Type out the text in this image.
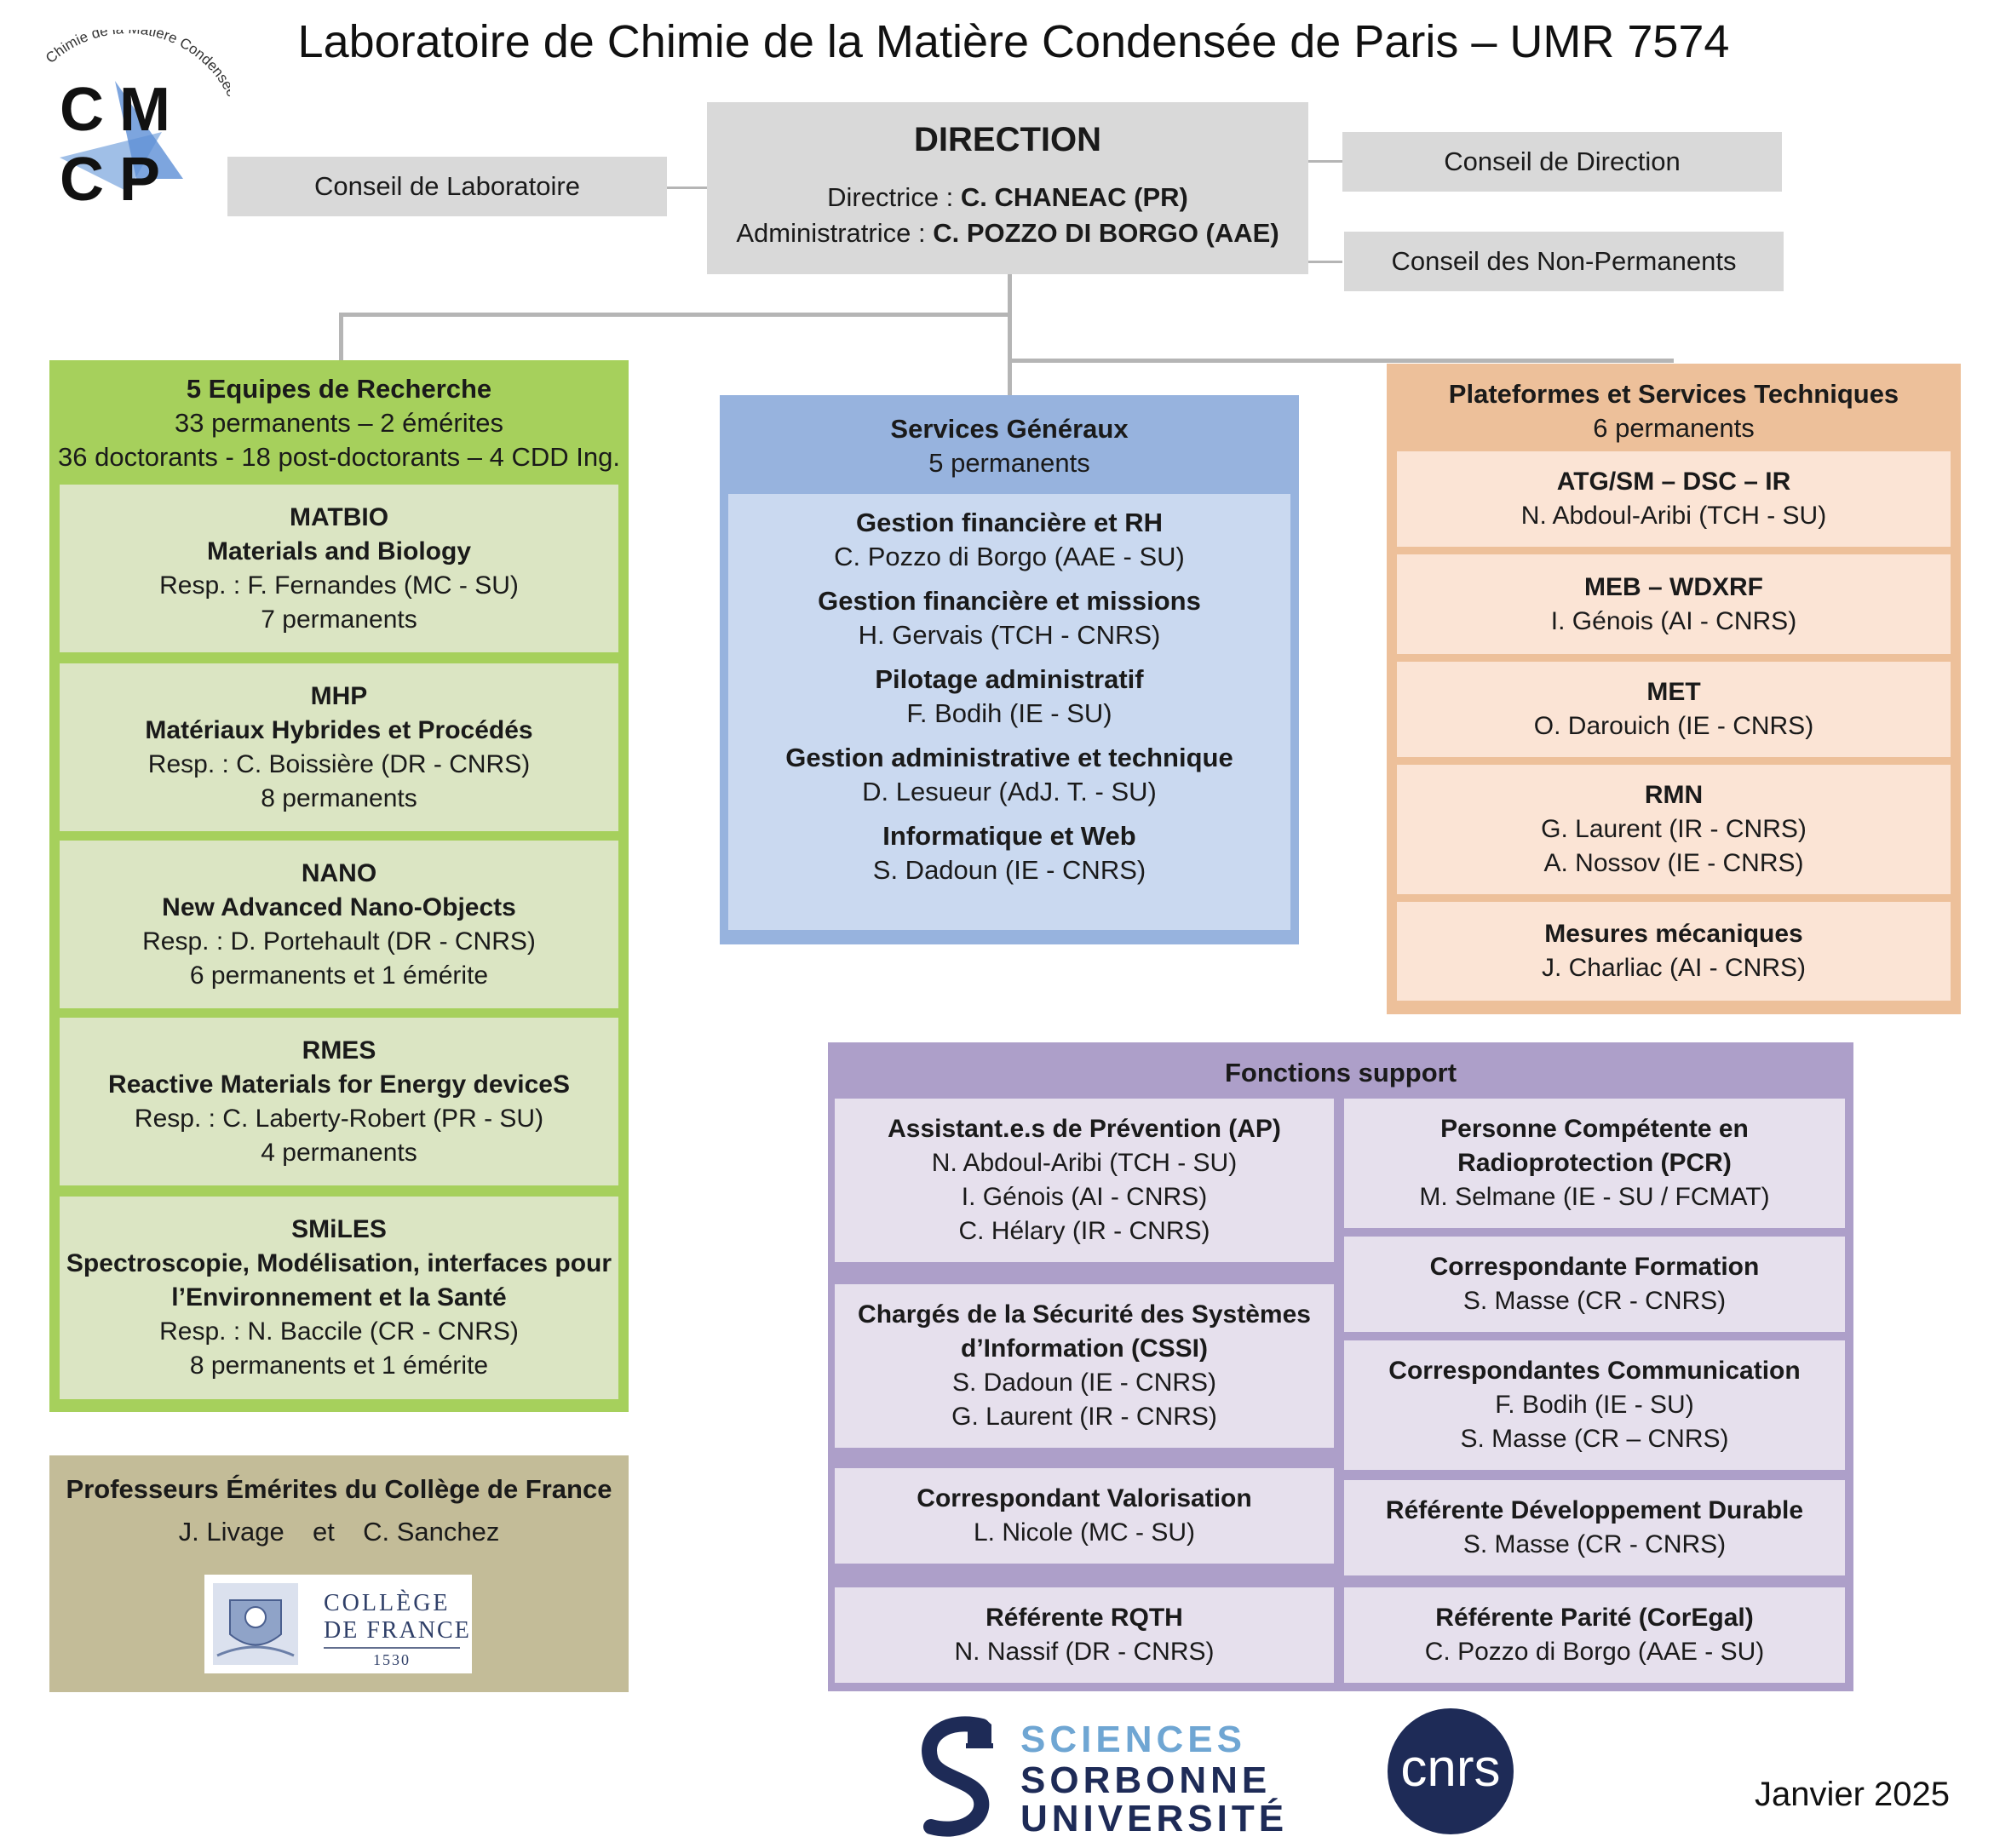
Laboratoire de Chimie de la Matière Condensée de Paris – UMR 7574
Chimie de atière Condens
C M
C P
DIRECTION
Directrice : C. CHANEAC (PR)
Administratrice : C. POZZO DI BORGO (AAE)
Conseil de Laboratoire
Conseil de Direction
Conseil des Non-Permanents
5 Equipes de Recherche
33 permanents – 2 émérites
36 doctorants - 18 post-doctorants – 4 CDD Ing.
MATBIO
Materials and Biology
Resp. : F. Fernandes (MC - SU)
7 permanents
MHP
Matériaux Hybrides et Procédés
Resp. : C. Boissière (DR - CNRS)
8 permanents
NANO
New Advanced Nano-Objects
Resp. : D. Portehault (DR - CNRS)
6 permanents et 1 émérite
RMES
Reactive Materials for Energy deviceS
Resp. : C. Laberty-Robert (PR - SU)
4 permanents
SMiLES
Spectroscopie, Modélisation, interfaces pour
l’Environnement et la Santé
Resp. : N. Baccile (CR - CNRS)
8 permanents et 1 émérite
Services Généraux
5 permanents
Gestion financière et RH
C. Pozzo di Borgo (AAE - SU)
Gestion financière et missions
H. Gervais (TCH - CNRS)
Pilotage administratif
F. Bodih (IE - SU)
Gestion administrative et technique
D. Lesueur (AdJ. T. - SU)
Informatique et Web
S. Dadoun (IE - CNRS)
Plateformes et Services Techniques
6 permanents
ATG/SM – DSC – IR
N. Abdoul-Aribi (TCH - SU)
MEB – WDXRF
I. Génois (AI - CNRS)
MET
O. Darouich (IE - CNRS)
RMN
G. Laurent (IR - CNRS)
A. Nossov (IE - CNRS)
Mesures mécaniques
J. Charliac (AI - CNRS)
Fonctions support
Assistant.e.s de Prévention (AP)
N. Abdoul-Aribi (TCH - SU)
I. Génois (AI - CNRS)
C. Hélary (IR - CNRS)
Chargés de la Sécurité des Systèmes
d’Information (CSSI)
S. Dadoun (IE - CNRS)
G. Laurent (IR - CNRS)
Correspondant Valorisation
L. Nicole (MC - SU)
Référente RQTH
N. Nassif (DR - CNRS)
Personne Compétente en
Radioprotection (PCR)
M. Selmane (IE - SU / FCMAT)
Correspondante Formation
S. Masse (CR - CNRS)
Correspondantes Communication
F. Bodih (IE - SU)
S. Masse (CR – CNRS)
Référente Développement Durable
S. Masse (CR - CNRS)
Référente Parité (CorEgal)
C. Pozzo di Borgo (AAE - SU)
Professeurs Émérites du Collège de France
J. Livage et C. Sanchez
COLLÈGE
DE FRANCE
1530
SCIENCES
SORBONNE
UNIVERSITÉ
cnrs	Janvier 2025
